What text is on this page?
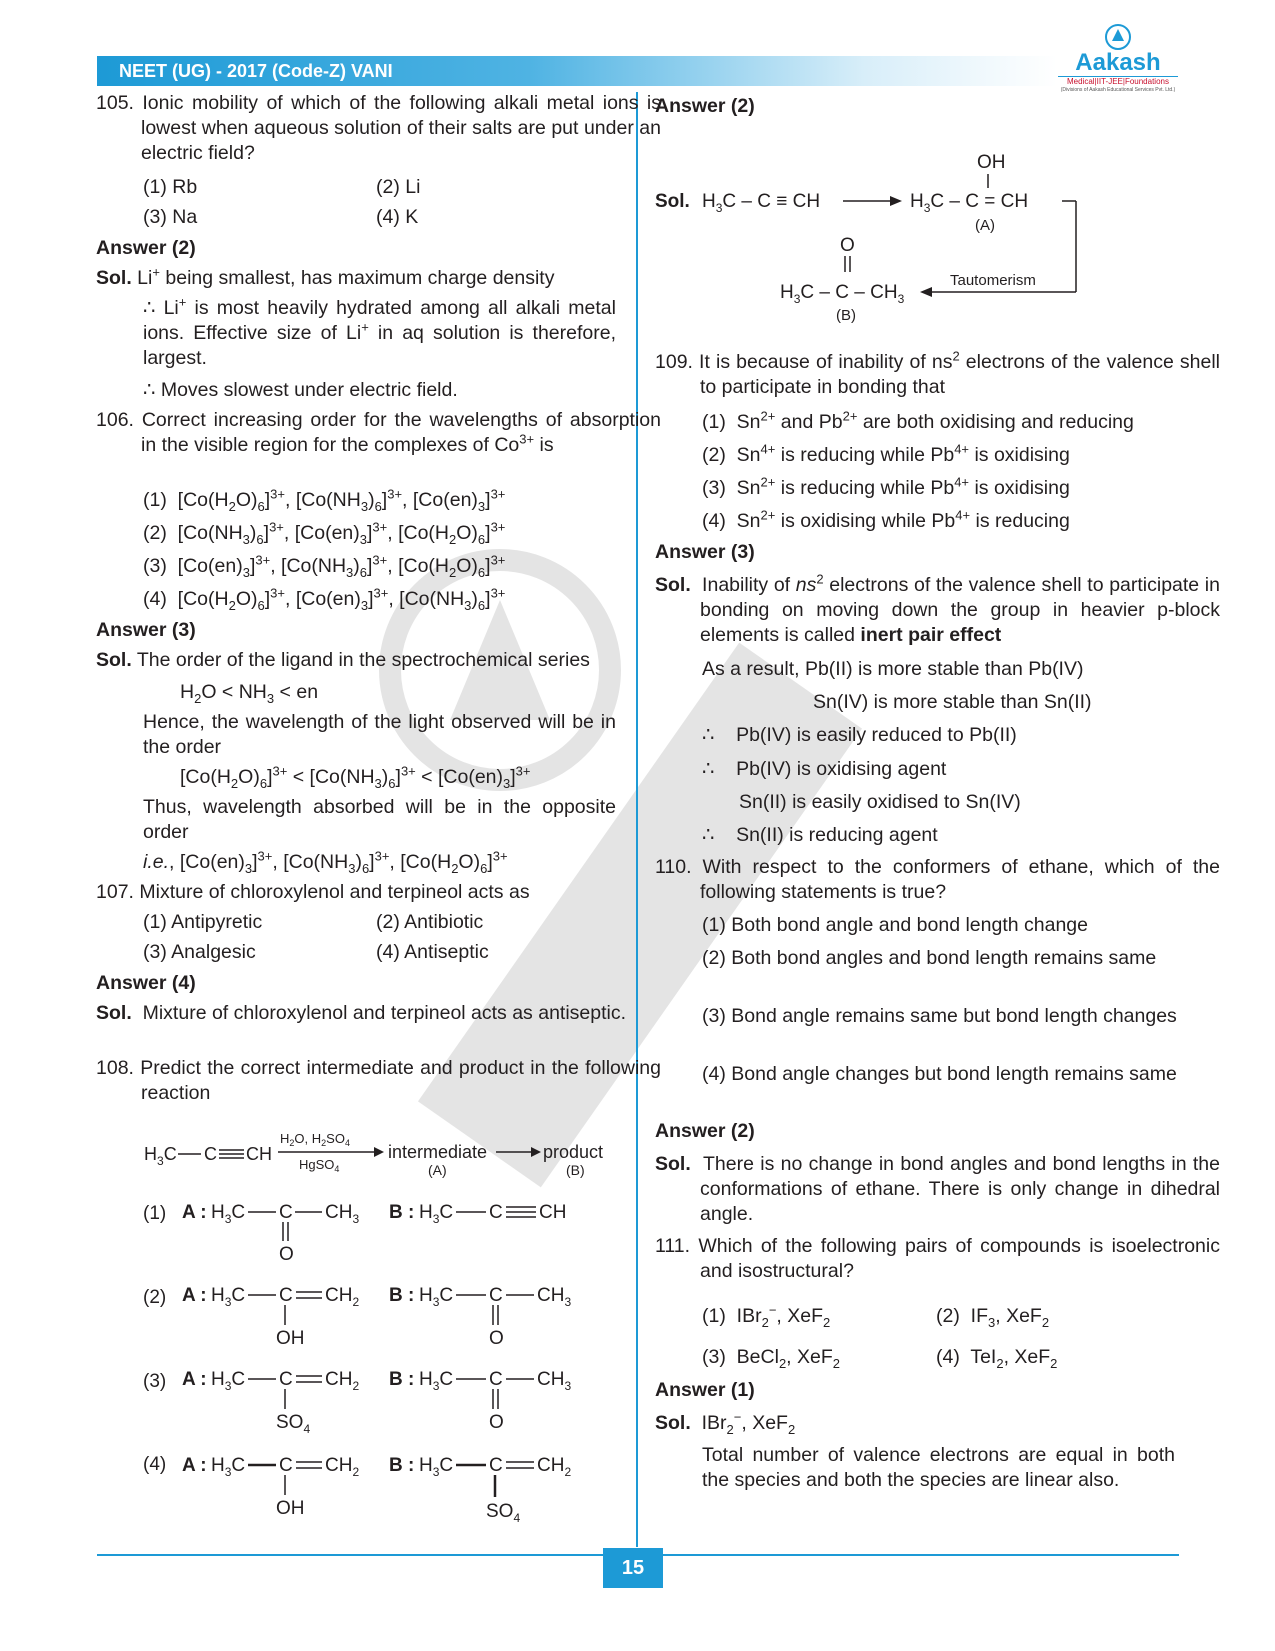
NEET (UG) - 2017 (Code-Z) VANI	Aakash
Medical|IIT-JEE|Foundations
(Divisions of Aakash Educational Services Pvt. Ltd.)
105. Ionic mobility of which of the following alkali metal ions is lowest when aqueous solution of their salts are put under an electric field?
(1) Rb	(2) Li
(3) Na	(4) K
Answer (2)
Sol. Li+ being smallest, has maximum charge density
∴ Li+ is most heavily hydrated among all alkali metal ions. Effective size of Li+ in aq solution is therefore, largest.
∴ Moves slowest under electric field.
106. Correct increasing order for the wavelengths of absorption in the visible region for the complexes of $Co^{3+}$ is
(1)  $[Co(H_2O)_6]^{3+}$, $[Co(NH_3)_6]^{3+}$, $[Co(en)_3]^{3+}$
(2)  $[Co(NH_3)_6]^{3+}$, $[Co(en)_3]^{3+}$, $[Co(H_2O)_6]^{3+}$
(3)  $[Co(en)_3]^{3+}$, $[Co(NH_3)_6]^{3+}$, $[Co(H_2O)_6]^{3+}$
(4)  $[Co(H_2O)_6]^{3+}$, $[Co(en)_3]^{3+}$, $[Co(NH_3)_6]^{3+}$
Answer (3)
Sol. The order of the ligand in the spectrochemical series
$H_2O < NH_3$ < en
Hence, the wavelength of the light observed will be in the order
$[Co(H_2O)_6]^{3+} < [Co(NH_3)_6]^{3+} < [Co(en)_3]^{3+}$
Thus, wavelength absorbed will be in the opposite order
i.e., $[Co(en)_3]^{3+}$, $[Co(NH_3)_6]^{3+}$, $[Co(H_2O)_6]^{3+}$
107. Mixture of chloroxylenol and terpineol acts as
(1) Antipyretic	(2) Antibiotic
(3) Analgesic	(4) Antiseptic
Answer (4)
Sol. Mixture of chloroxylenol and terpineol acts as antiseptic.
108. Predict the correct intermediate and product in the following reaction
$H_3C$ C CH
$H_2O$, $H_2SO_4$
HgSO$_4$
intermediate
(A)
product
(B)
(1) A : $H_3C$ C $CH_3$
O
B : $H_3C$ C CH
(2) A : $H_3C$ C $CH_2$
OH
B : $H_3C$ C $CH_3$
O
(3) A : $H_3C$ C $CH_2$
$SO_4$
B : $H_3C$ C $CH_3$
O
(4) A : $H_3C$ C $CH_2$
OH
B : $H_3C$ C $CH_2$
$SO_4$
Answer (2)
Sol. $H_3C$ – C ≡ CH	$H_3C$ – C = CH
OH
(A)
Tautomerism
$H_3C$ – C – $CH_3$
O
(B)
109. It is because of inability of $ns^2$ electrons of the valence shell to participate in bonding that
(1)  $Sn^{2+}$ and $Pb^{2+}$ are both oxidising and reducing
(2)  $Sn^{4+}$ is reducing while $Pb^{4+}$ is oxidising
(3)  $Sn^{2+}$ is reducing while $Pb^{4+}$ is oxidising
(4)  $Sn^{2+}$ is oxidising while $Pb^{4+}$ is reducing
Answer (3)
Sol.  Inability of $ns^2$ electrons of the valence shell to participate in bonding on moving down the group in heavier p-block elements is called inert pair effect
As a result, Pb(II) is more stable than Pb(IV)
Sn(IV) is more stable than Sn(II)
∴    Pb(IV) is easily reduced to Pb(II)
∴    Pb(IV) is oxidising agent
Sn(II) is easily oxidised to Sn(IV)
∴    Sn(II) is reducing agent
110. With respect to the conformers of ethane, which of the following statements is true?
(1) Both bond angle and bond length change
(2) Both bond angles and bond length remains same
(3) Bond angle remains same but bond length changes
(4) Bond angle changes but bond length remains same
Answer (2)
Sol. There is no change in bond angles and bond lengths in the conformations of ethane. There is only change in dihedral angle.
111. Which of the following pairs of compounds is isoelectronic and isostructural?
(1)  IBr$_2$−, XeF$_2$	(2)  $IF_3$, XeF$_2$
(3)  BeCl$_2$, XeF$_2$	(4)  TeI$_2$, XeF$_2$
Answer (1)
Sol.  IBr$_2$−, XeF$_2$
Total number of valence electrons are equal in both the species and both the species are linear also.
15
